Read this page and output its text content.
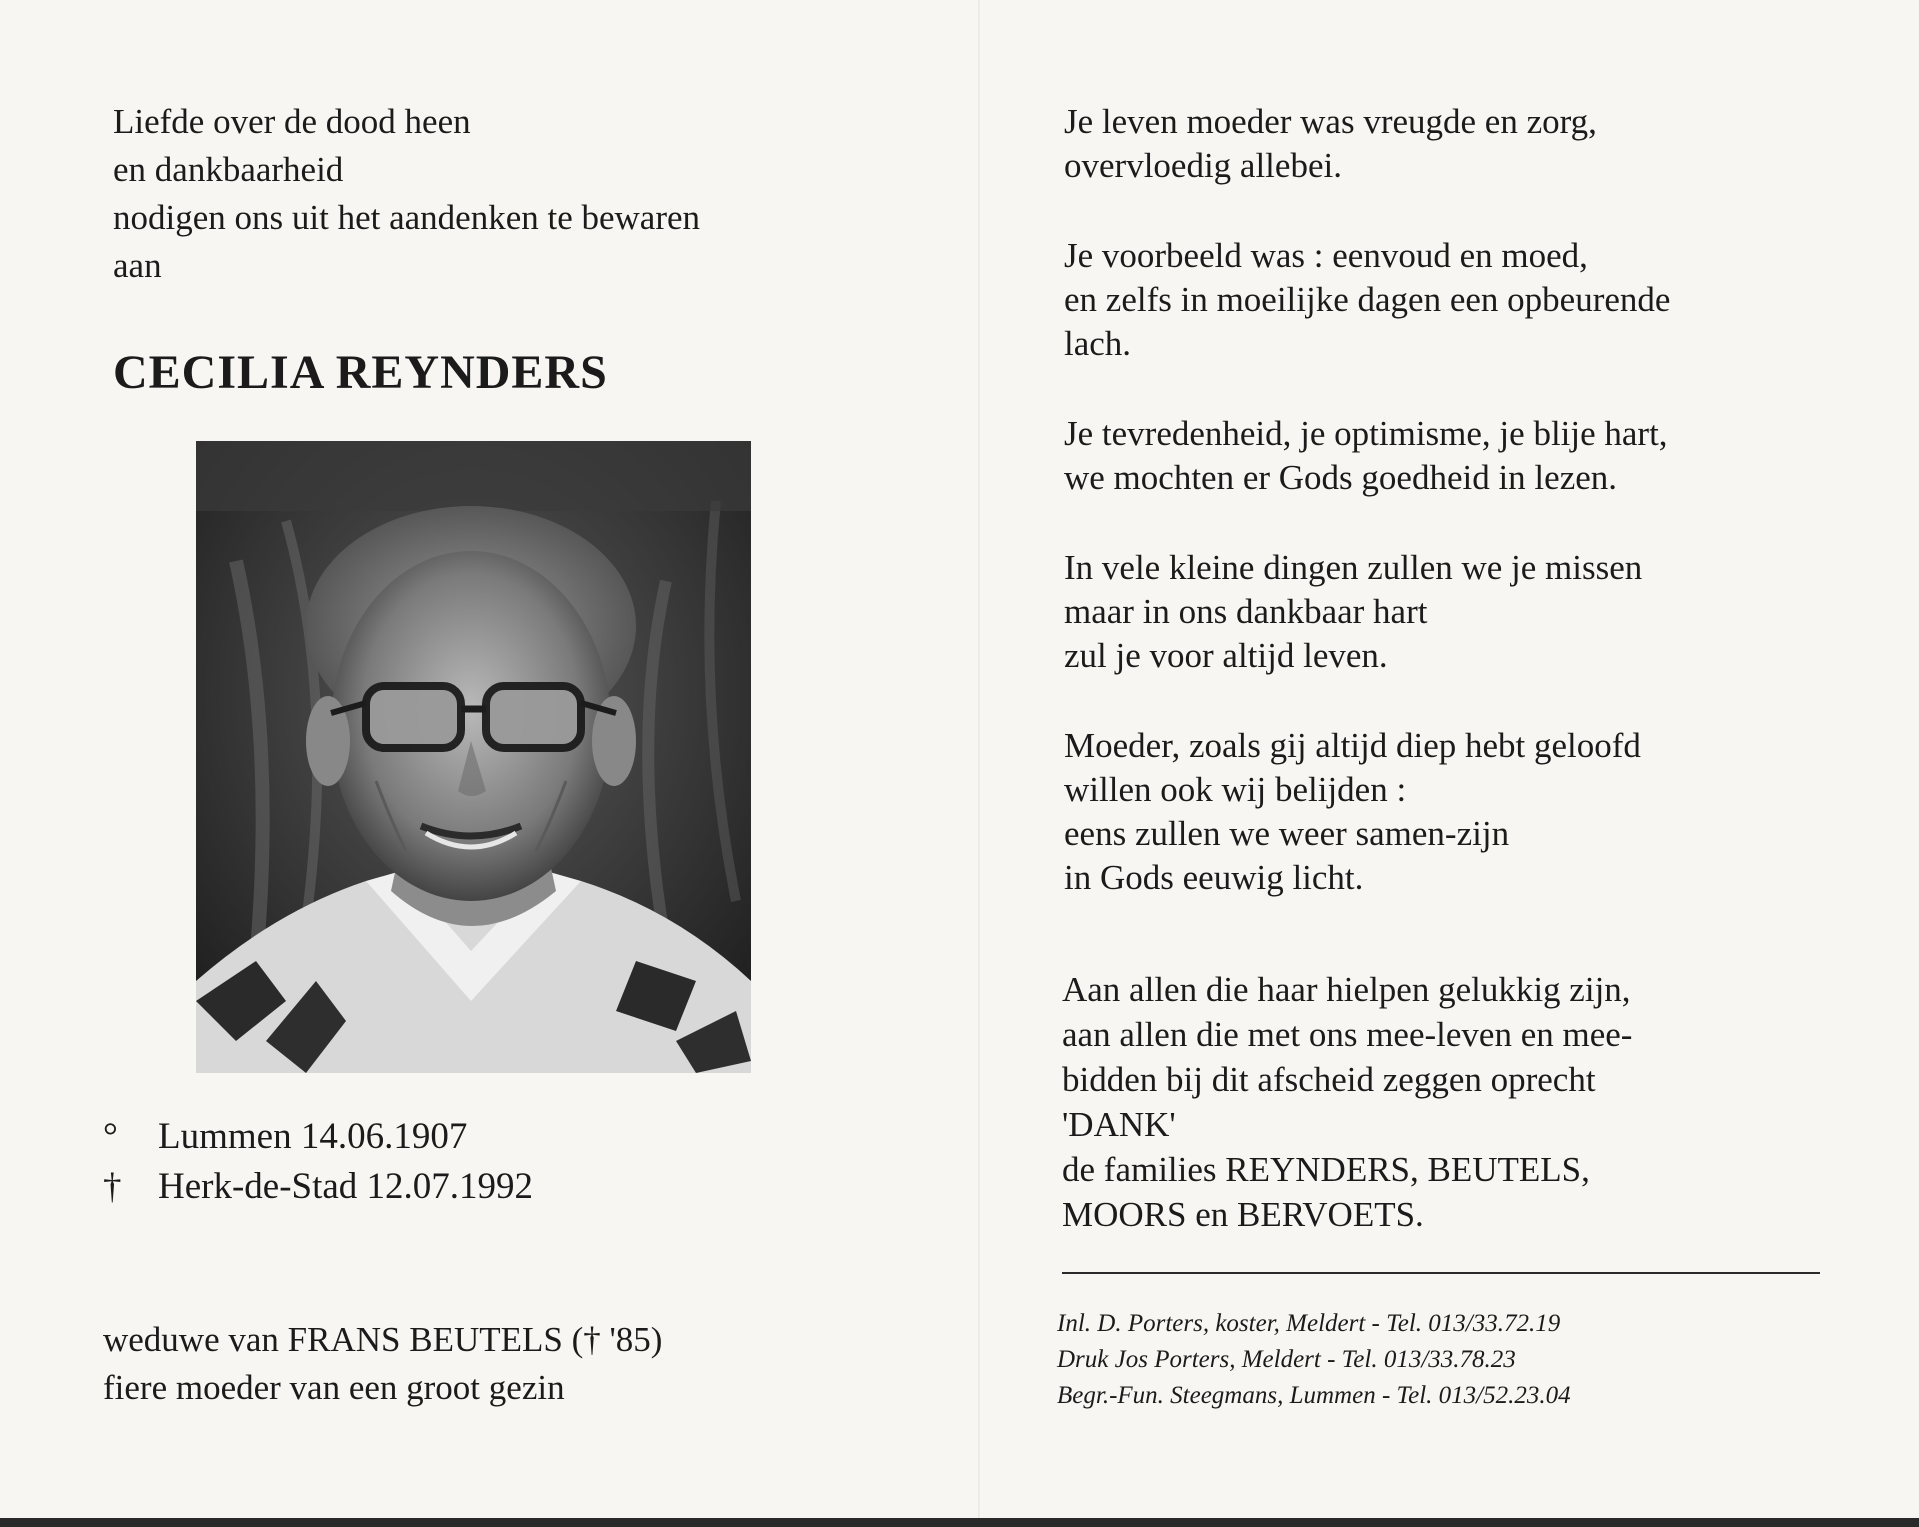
Liefde over de dood heen
en dankbaarheid
nodigen ons uit het aandenken te bewaren
aan
CECILIA REYNDERS
° Lummen 14.06.1907
† Herk-de-Stad 12.07.1992
weduwe van FRANS BEUTELS († '85)
fiere moeder van een groot gezin
Je leven moeder was vreugde en zorg,
overvloedig allebei.
Je voorbeeld was : eenvoud en moed,
en zelfs in moeilijke dagen een opbeurende
lach.
Je tevredenheid, je optimisme, je blije hart,
we mochten er Gods goedheid in lezen.
In vele kleine dingen zullen we je missen
maar in ons dankbaar hart
zul je voor altijd leven.
Moeder, zoals gij altijd diep hebt geloofd
willen ook wij belijden :
eens zullen we weer samen-zijn
in Gods eeuwig licht.
Aan allen die haar hielpen gelukkig zijn,
aan allen die met ons mee-leven en mee-
bidden bij dit afscheid zeggen oprecht
'DANK'
de families REYNDERS, BEUTELS,
MOORS en BERVOETS.
Inl. D. Porters, koster, Meldert - Tel. 013/33.72.19
Druk Jos Porters, Meldert - Tel. 013/33.78.23
Begr.-Fun. Steegmans, Lummen - Tel. 013/52.23.04
